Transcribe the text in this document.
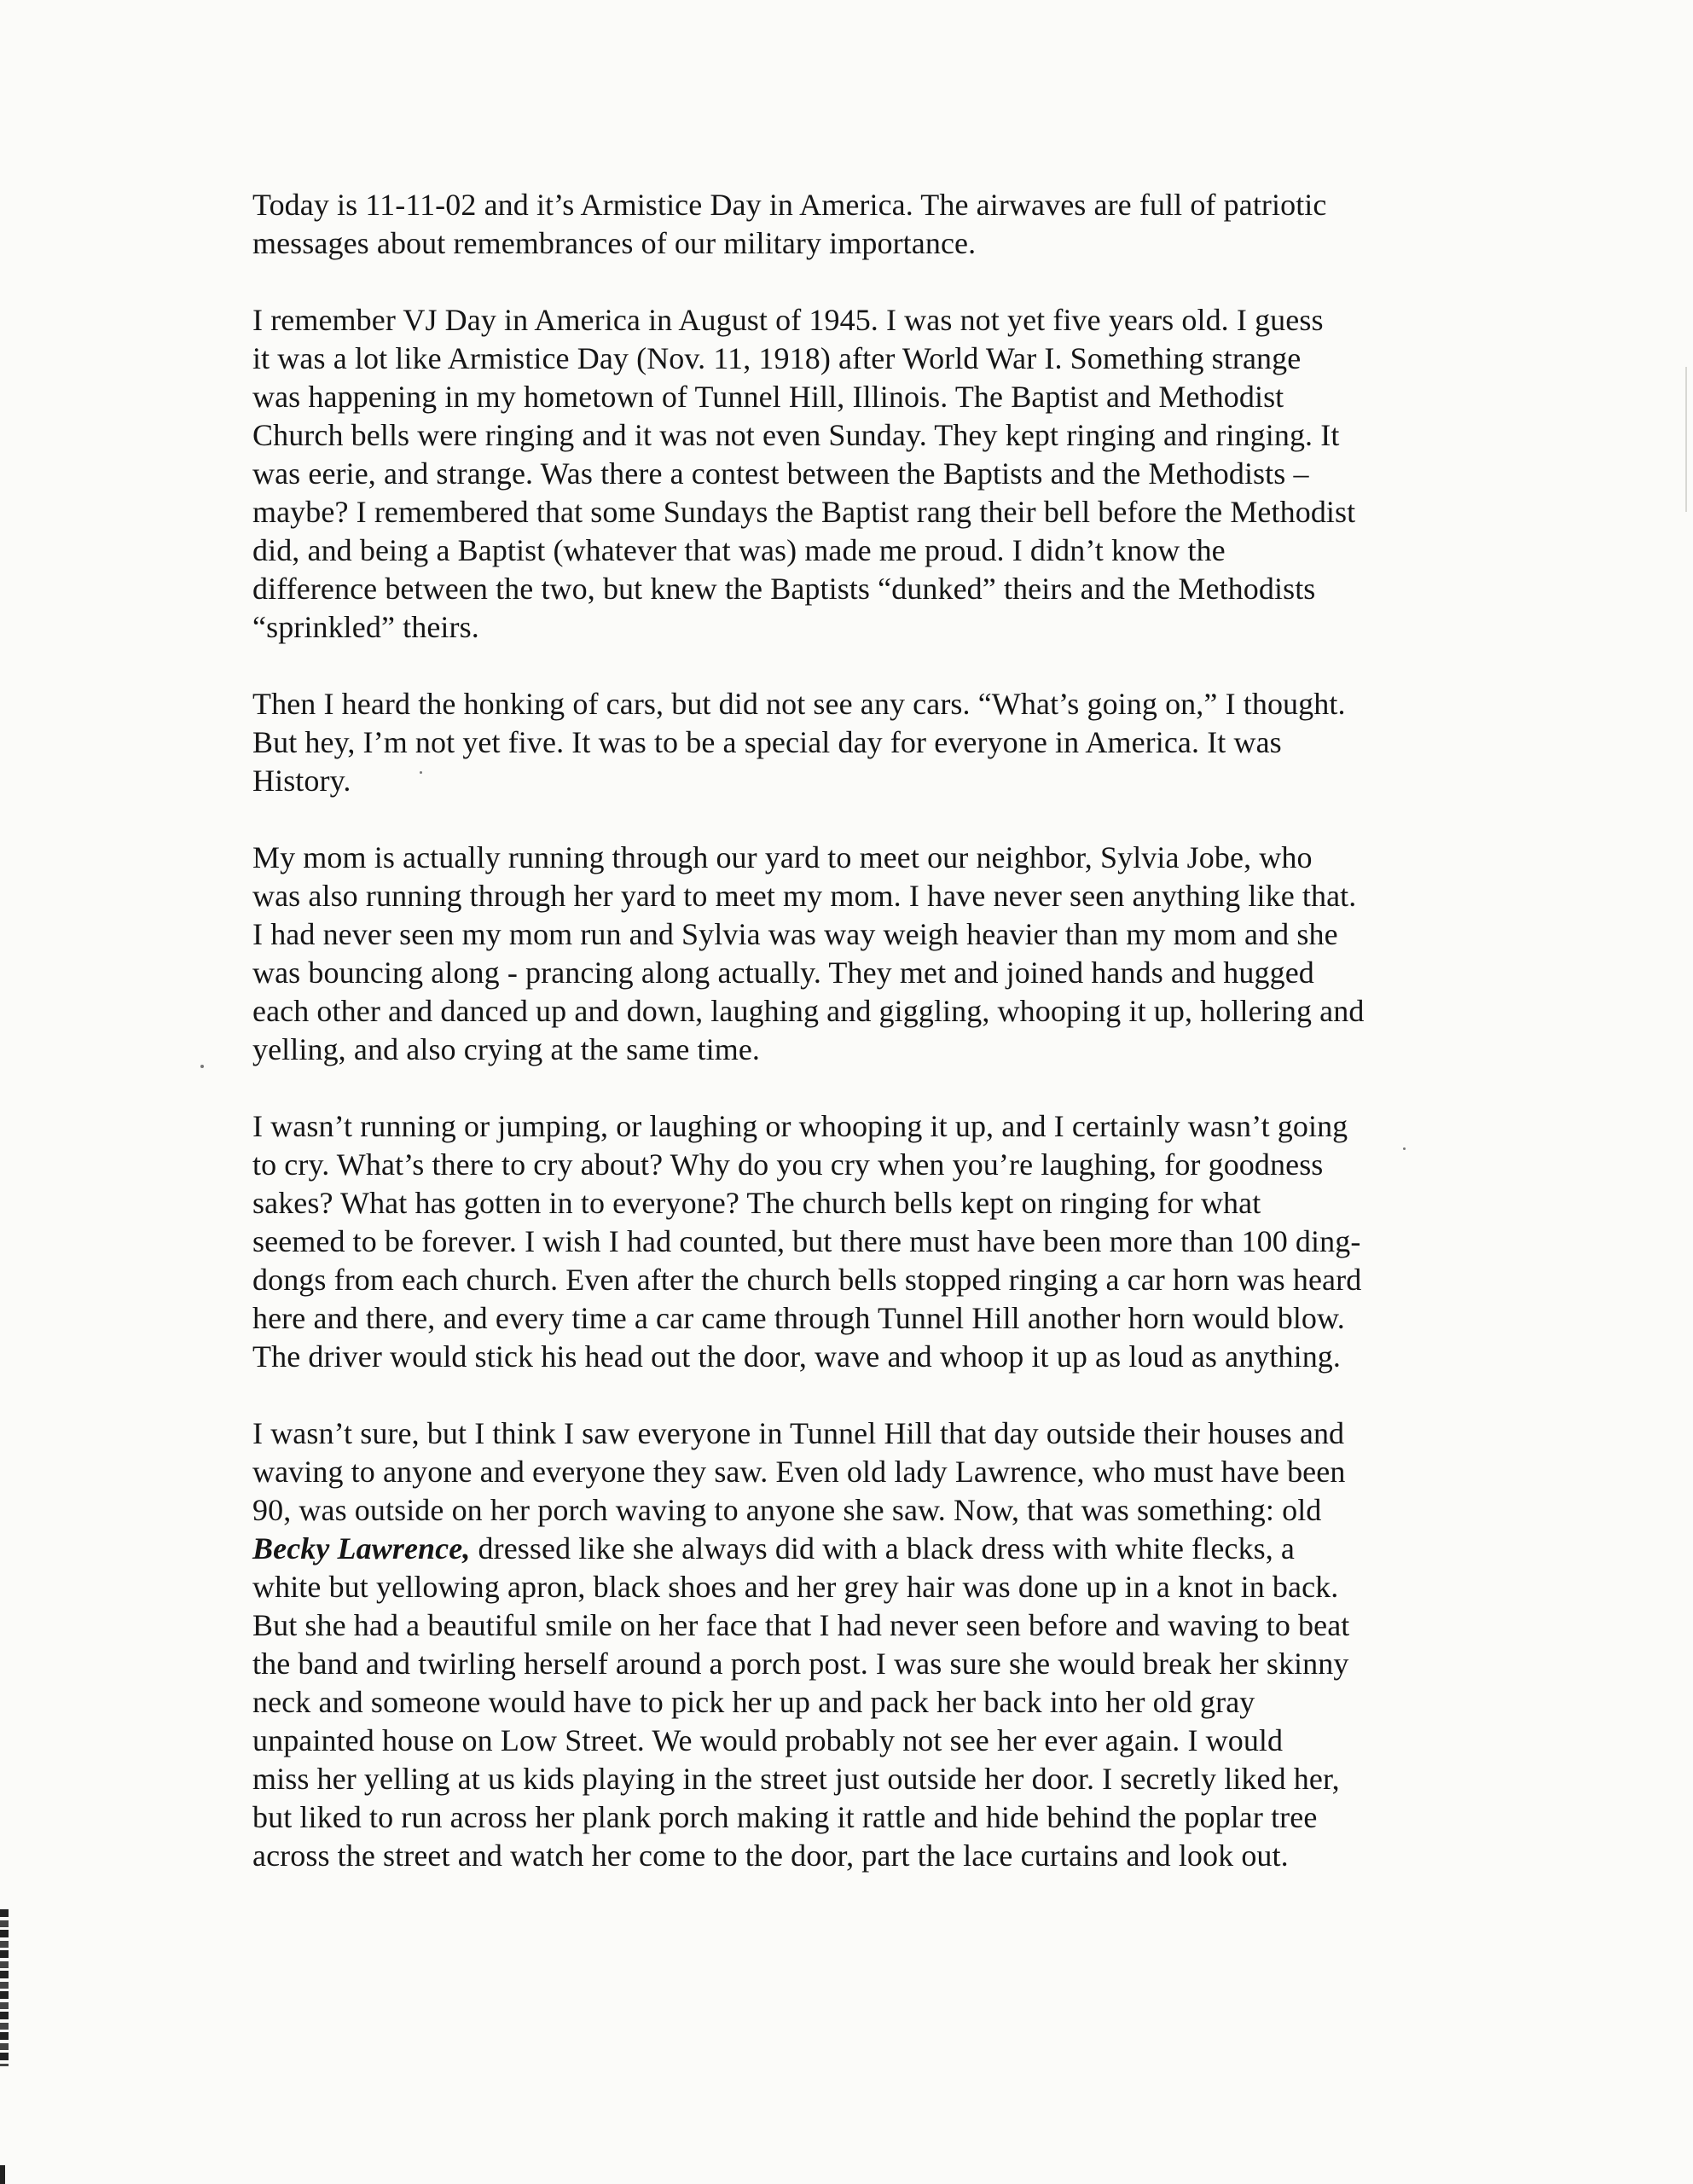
Today is 11-11-02 and it’s Armistice Day in America. The airwaves are full of patriotic
messages about remembrances of our military importance.

I remember VJ Day in America in August of 1945. I was not yet five years old. I guess
it was a lot like Armistice Day (Nov. 11, 1918) after World War I. Something strange
was happening in my hometown of Tunnel Hill, Illinois. The Baptist and Methodist
Church bells were ringing and it was not even Sunday. They kept ringing and ringing. It
was eerie, and strange. Was there a contest between the Baptists and the Methodists –
maybe? I remembered that some Sundays the Baptist rang their bell before the Methodist
did, and being a Baptist (whatever that was) made me proud. I didn’t know the
difference between the two, but knew the Baptists “dunked” theirs and the Methodists
“sprinkled” theirs.

Then I heard the honking of cars, but did not see any cars. “What’s going on,” I thought.
But hey, I’m not yet five. It was to be a special day for everyone in America. It was
History.

My mom is actually running through our yard to meet our neighbor, Sylvia Jobe, who
was also running through her yard to meet my mom. I have never seen anything like that.
I had never seen my mom run and Sylvia was way weigh heavier than my mom and she
was bouncing along - prancing along actually. They met and joined hands and hugged
each other and danced up and down, laughing and giggling, whooping it up, hollering and
yelling, and also crying at the same time.

I wasn’t running or jumping, or laughing or whooping it up, and I certainly wasn’t going
to cry. What’s there to cry about? Why do you cry when you’re laughing, for goodness
sakes? What has gotten in to everyone? The church bells kept on ringing for what
seemed to be forever. I wish I had counted, but there must have been more than 100 ding-
dongs from each church. Even after the church bells stopped ringing a car horn was heard
here and there, and every time a car came through Tunnel Hill another horn would blow.
The driver would stick his head out the door, wave and whoop it up as loud as anything.

I wasn’t sure, but I think I saw everyone in Tunnel Hill that day outside their houses and
waving to anyone and everyone they saw. Even old lady Lawrence, who must have been
90, was outside on her porch waving to anyone she saw. Now, that was something: old
Becky Lawrence, dressed like she always did with a black dress with white flecks, a
white but yellowing apron, black shoes and her grey hair was done up in a knot in back.
But she had a beautiful smile on her face that I had never seen before and waving to beat
the band and twirling herself around a porch post. I was sure she would break her skinny
neck and someone would have to pick her up and pack her back into her old gray
unpainted house on Low Street. We would probably not see her ever again. I would
miss her yelling at us kids playing in the street just outside her door. I secretly liked her,
but liked to run across her plank porch making it rattle and hide behind the poplar tree
across the street and watch her come to the door, part the lace curtains and look out.
